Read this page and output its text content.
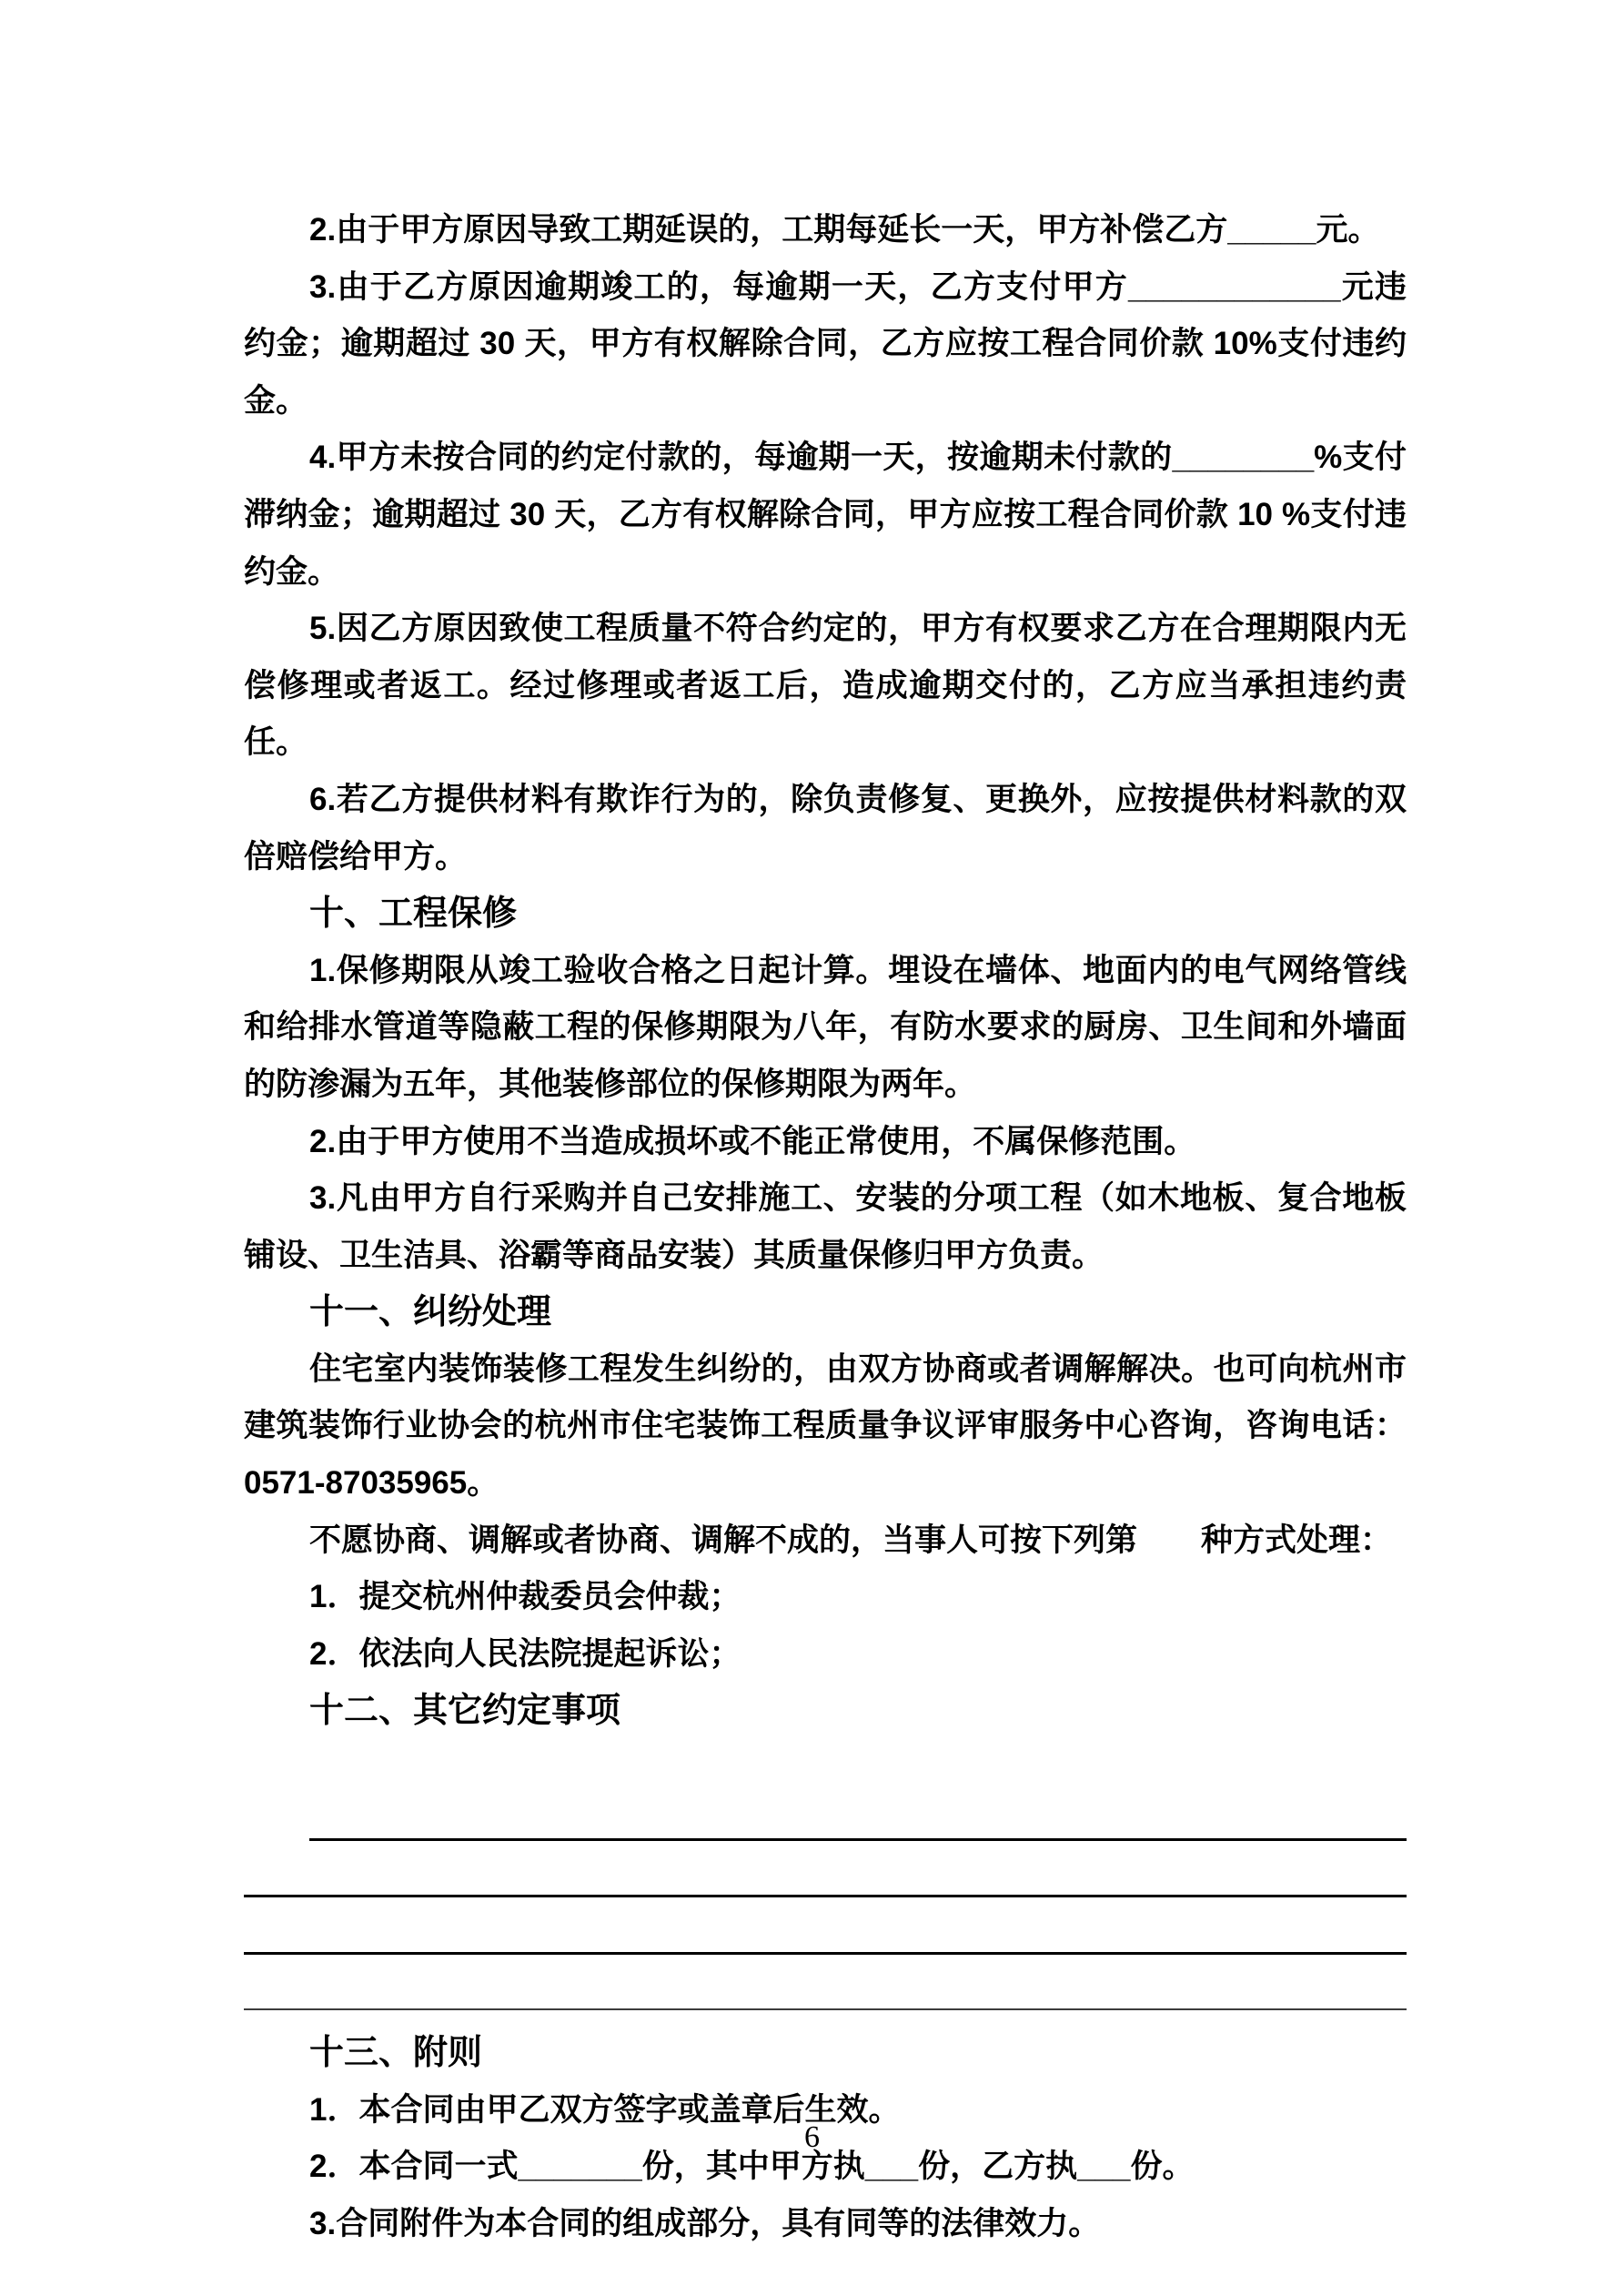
2.由于甲方原因导致工期延误的，工期每延长一天，甲方补偿乙方_____元。

3.由于乙方原因逾期竣工的，每逾期一天，乙方支付甲方____________元违约金；逾期超过 30 天，甲方有权解除合同，乙方应按工程合同价款 10%支付违约金。

4.甲方未按合同的约定付款的，每逾期一天，按逾期未付款的________%支付滞纳金；逾期超过 30 天，乙方有权解除合同，甲方应按工程合同价款 10 %支付违约金。

5.因乙方原因致使工程质量不符合约定的，甲方有权要求乙方在合理期限内无偿修理或者返工。经过修理或者返工后，造成逾期交付的，乙方应当承担违约责任。

6.若乙方提供材料有欺诈行为的，除负责修复、更换外，应按提供材料款的双倍赔偿给甲方。

十、工程保修

1.保修期限从竣工验收合格之日起计算。埋设在墙体、地面内的电气网络管线和给排水管道等隐蔽工程的保修期限为八年，有防水要求的厨房、卫生间和外墙面的防渗漏为五年，其他装修部位的保修期限为两年。

2.由于甲方使用不当造成损坏或不能正常使用，不属保修范围。

3.凡由甲方自行采购并自己安排施工、安装的分项工程（如木地板、复合地板铺设、卫生洁具、浴霸等商品安装）其质量保修归甲方负责。

十一、纠纷处理

住宅室内装饰装修工程发生纠纷的，由双方协商或者调解解决。也可向杭州市建筑装饰行业协会的杭州市住宅装饰工程质量争议评审服务中心咨询，咨询电话：0571-87035965。

不愿协商、调解或者协商、调解不成的，当事人可按下列第　　种方式处理：

1．提交杭州仲裁委员会仲裁；

2．依法向人民法院提起诉讼；

十二、其它约定事项

十三、附则

1．本合同由甲乙双方签字或盖章后生效。

2．本合同一式_______份，其中甲方执___份，乙方执___份。

3.合同附件为本合同的组成部分，具有同等的法律效力。

6
